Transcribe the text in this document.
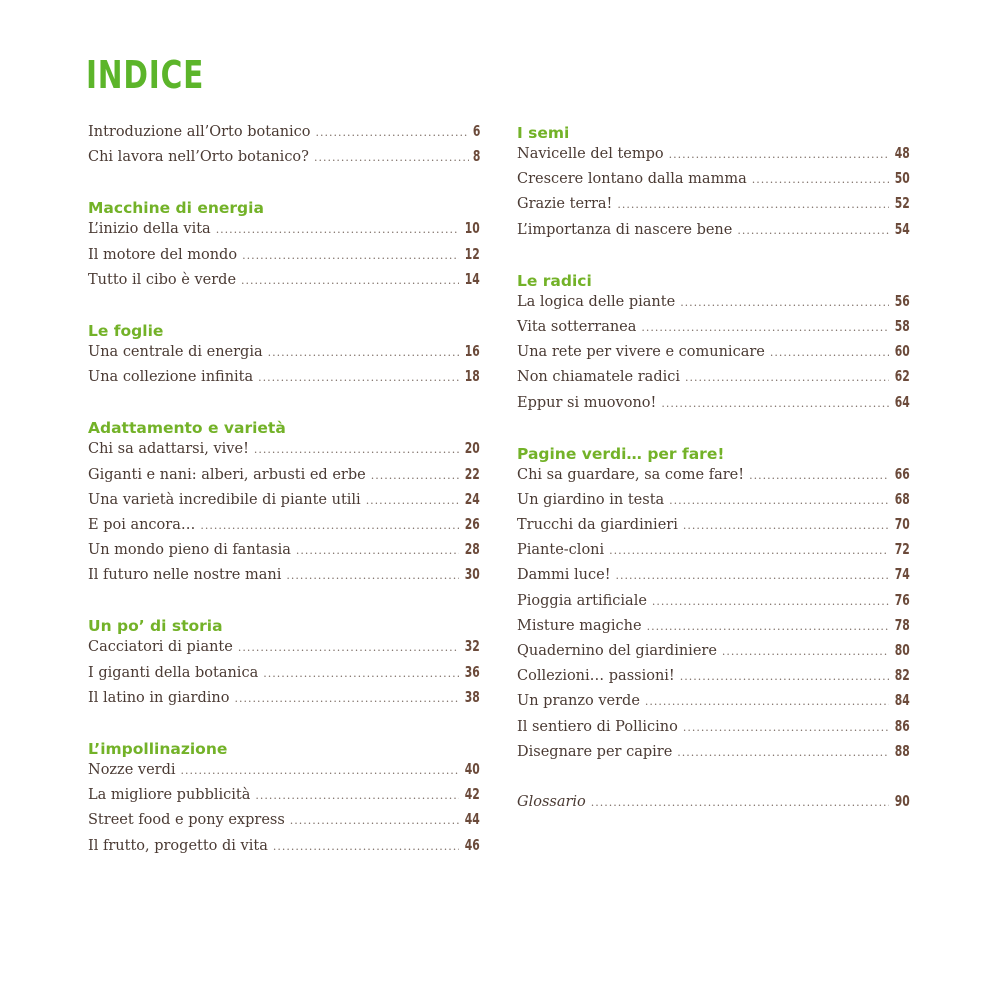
INDICE
Introduzione all’Orto botanico .....	6
Chi lavora nell’Orto botanico? .....	8
Macchine di energia
L’inizio della vita .....	10
Il motore del mondo .....	12
Tutto il cibo è verde .....	14
Le foglie
Una centrale di energia .....	16
Una collezione infinita .....	18
Adattamento e varietà
Chi sa adattarsi, vive! .....	20
Giganti e nani: alberi, arbusti ed erbe .....	22
Una varietà incredibile di piante utili .....	24
E poi ancora… .....	26
Un mondo pieno di fantasia .....	28
Il futuro nelle nostre mani .....	30
Un po’ di storia
Cacciatori di piante .....	32
I giganti della botanica .....	36
Il latino in giardino .....	38
L’impollinazione
Nozze verdi .....	40
La migliore pubblicità .....	42
Street food e pony express .....	44
Il frutto, progetto di vita .....	46
I semi
Navicelle del tempo .....	48
Crescere lontano dalla mamma .....	50
Grazie terra! .....	52
L’importanza di nascere bene .....	54
Le radici
La logica delle piante .....	56
Vita sotterranea .....	58
Una rete per vivere e comunicare .....	60
Non chiamatele radici .....	62
Eppur si muovono! .....	64
Pagine verdi… per fare!
Chi sa guardare, sa come fare! .....	66
Un giardino in testa .....	68
Trucchi da giardinieri .....	70
Piante-cloni .....	72
Dammi luce! .....	74
Pioggia artificiale .....	76
Misture magiche .....	78
Quadernino del giardiniere .....	80
Collezioni… passioni! .....	82
Un pranzo verde .....	84
Il sentiero di Pollicino .....	86
Disegnare per capire .....	88
Glossario .....	90
